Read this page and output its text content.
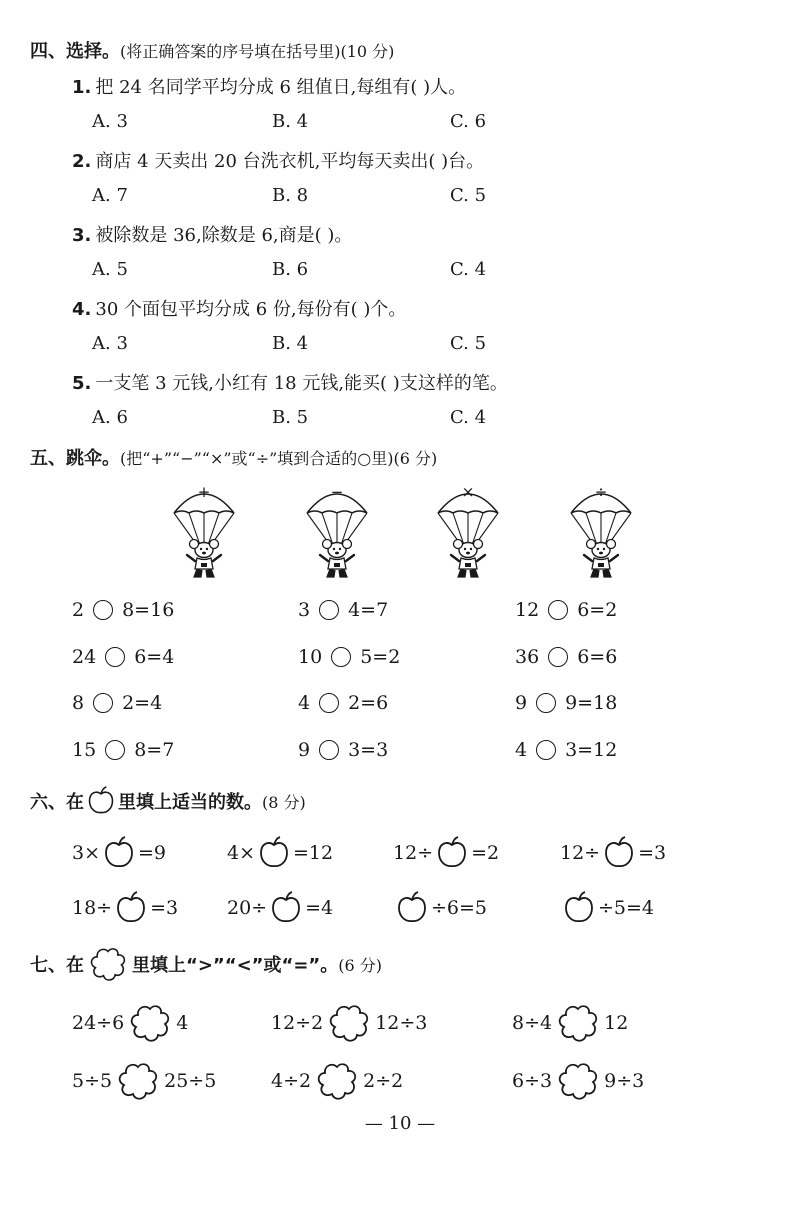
四、选择。(将正确答案的序号填在括号里)(10 分)
1. 把 24 名同学平均分成 6 组值日,每组有( )人。
A. 3	B. 4	C. 6
2. 商店 4 天卖出 20 台洗衣机,平均每天卖出( )台。
A. 7	B. 8	C. 5
3. 被除数是 36,除数是 6,商是( )。
A. 5	B. 6	C. 4
4. 30 个面包平均分成 6 份,每份有( )个。
A. 3	B. 4	C. 5
5. 一支笔 3 元钱,小红有 18 元钱,能买( )支这样的笔。
A. 6	B. 5	C. 4
五、跳伞。(把“+”“−”“×”或“÷”填到合适的○里)(6 分)
+	−	×	÷
2 8=16	3 4=7	12 6=2
24 6=4	10 5=2	36 6=6
8 2=4	4 2=6	9 9=18
15 8=7	9 3=3	4 3=12
六、在 里填上适当的数。 (8 分)
3× =9	4× =12	12÷ =2	12÷ =3
18÷ =3	20÷ =4	÷6=5	÷5=4
七、在	里填上“>”“<”或“=”。 (6 分)
24÷6	4	12÷2	12÷3	8÷4	12
5÷5	25÷5	4÷2	2÷2	6÷3	9÷3
— 10 —
